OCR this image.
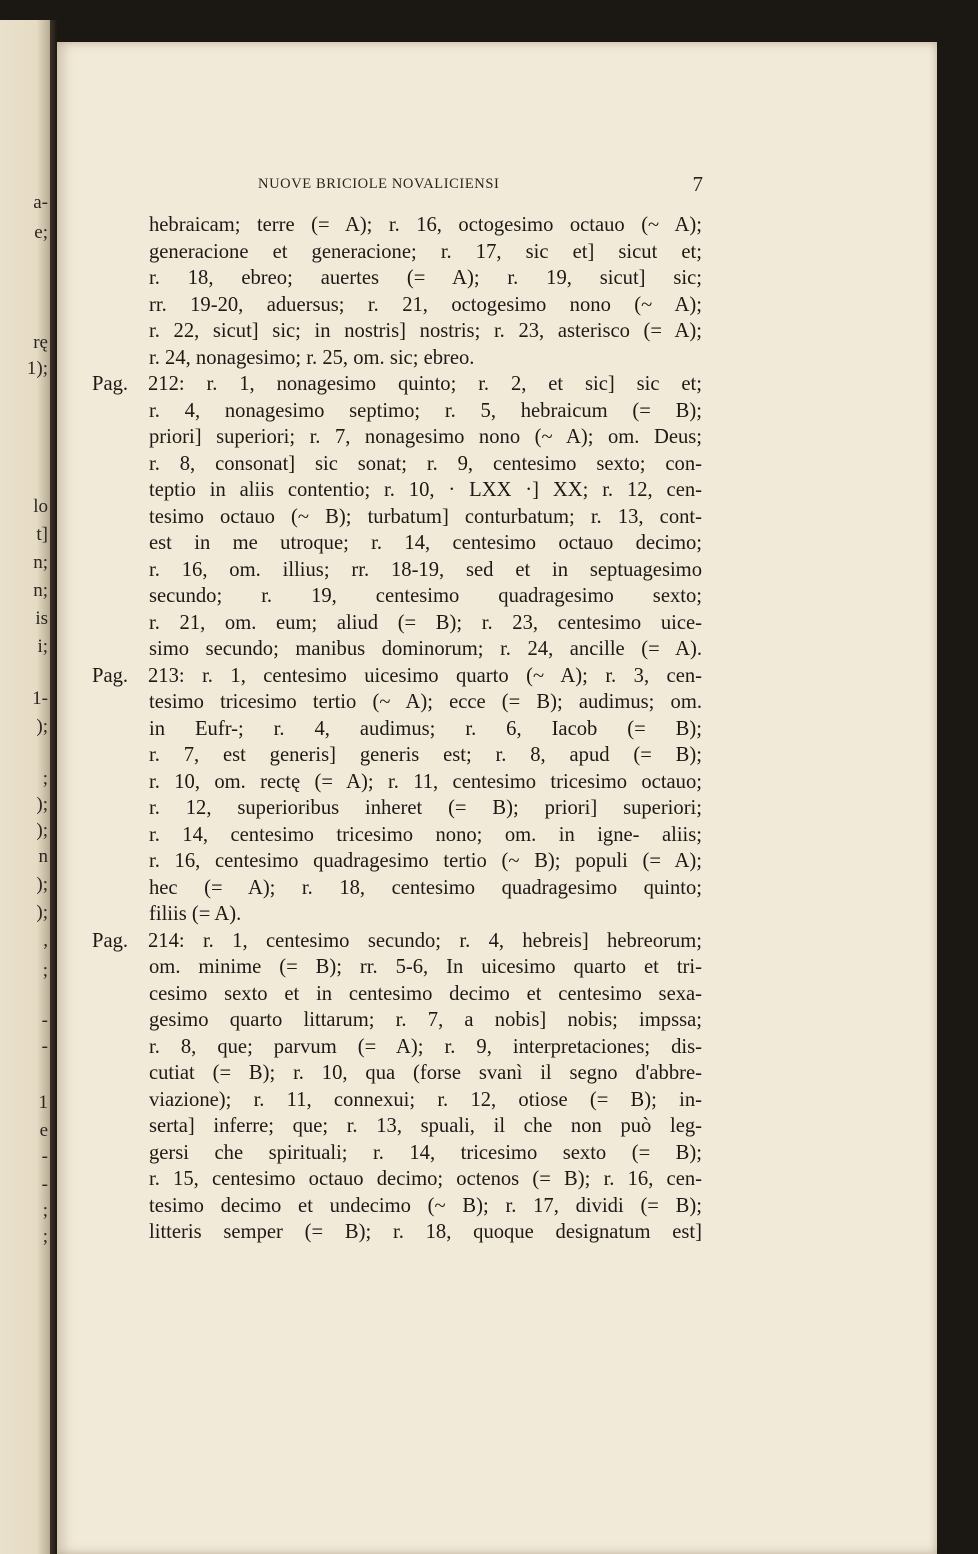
a-
e;
rę
1);
lo
t]
n;
n;
is
i;
1-
);
;
);
);
n
);
);
,
;
-
-
1
e
-
-
;
;
NUOVE BRICIOLE NOVALICIENSI	7
hebraicam; terre (= A); r. 16, octogesimo octauo (~ A);
generacione et generacione; r. 17, sic et] sicut et;
r. 18, ebreo; auertes (= A); r. 19, sicut] sic;
rr. 19-20, aduersus; r. 21, octogesimo nono (~ A);
r. 22, sicut] sic; in nostris] nostris; r. 23, asterisco (= A);
r. 24, nonagesimo; r. 25, om. sic; ebreo.
Pag. 212: r. 1, nonagesimo quinto; r. 2, et sic] sic et;
r. 4, nonagesimo septimo; r. 5, hebraicum (= B);
priori] superiori; r. 7, nonagesimo nono (~ A); om. Deus;
r. 8, consonat] sic sonat; r. 9, centesimo sexto; con-
teptio in aliis contentio; r. 10, · LXX ·] XX; r. 12, cen-
tesimo octauo (~ B); turbatum] conturbatum; r. 13, cont-
est in me utroque; r. 14, centesimo octauo decimo;
r. 16, om. illius; rr. 18-19, sed et in septuagesimo
secundo; r. 19, centesimo quadragesimo sexto;
r. 21, om. eum; aliud (= B); r. 23, centesimo uice-
simo secundo; manibus dominorum; r. 24, ancille (= A).
Pag. 213: r. 1, centesimo uicesimo quarto (~ A); r. 3, cen-
tesimo tricesimo tertio (~ A); ecce (= B); audimus; om.
in Eufr-; r. 4, audimus; r. 6, Iacob (= B);
r. 7, est generis] generis est; r. 8, apud (= B);
r. 10, om. rectę (= A); r. 11, centesimo tricesimo octauo;
r. 12, superioribus inheret (= B); priori] superiori;
r. 14, centesimo tricesimo nono; om. in igne- aliis;
r. 16, centesimo quadragesimo tertio (~ B); populi (= A);
hec (= A); r. 18, centesimo quadragesimo quinto;
filiis (= A).
Pag. 214: r. 1, centesimo secundo; r. 4, hebreis] hebreorum;
om. minime (= B); rr. 5-6, In uicesimo quarto et tri-
cesimo sexto et in centesimo decimo et centesimo sexa-
gesimo quarto littarum; r. 7, a nobis] nobis; impssa;
r. 8, que; parvum (= A); r. 9, interpretaciones; dis-
cutiat (= B); r. 10, qua (forse svanì il segno d'abbre-
viazione); r. 11, connexui; r. 12, otiose (= B); in-
serta] inferre; que; r. 13, spuali, il che non può leg-
gersi che spirituali; r. 14, tricesimo sexto (= B);
r. 15, centesimo octauo decimo; octenos (= B); r. 16, cen-
tesimo decimo et undecimo (~ B); r. 17, dividi (= B);
litteris semper (= B); r. 18, quoque designatum est]
